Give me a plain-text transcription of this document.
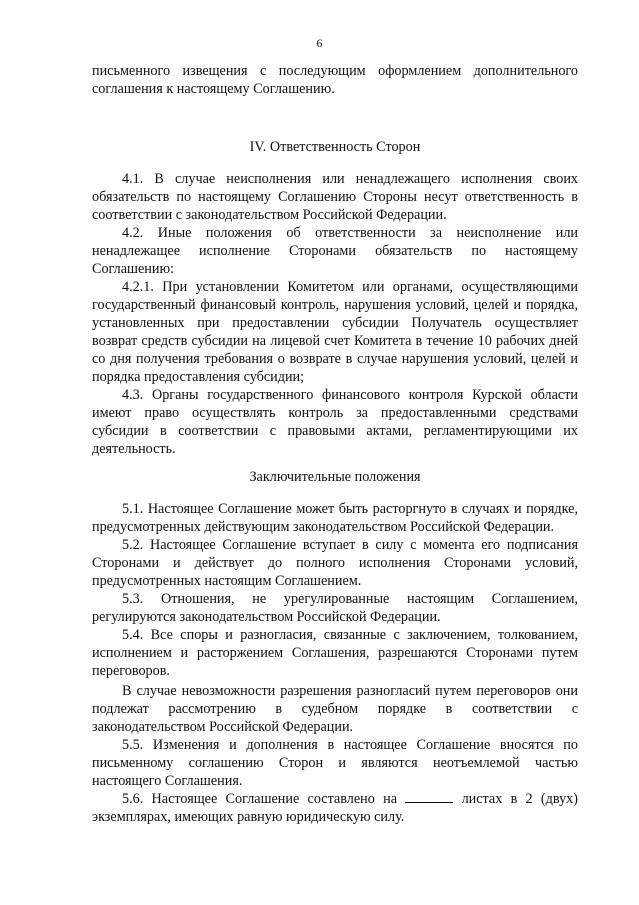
6

письменного извещения с последующим оформлением дополнительного соглашения к настоящему Соглашению.

IV. Ответственность Сторон

4.1. В случае неисполнения или ненадлежащего исполнения своих обязательств по настоящему Соглашению Стороны несут ответственность в соответствии с законодательством Российской Федерации.

4.2. Иные положения об ответственности за неисполнение или ненадлежащее исполнение Сторонами обязательств по настоящему Соглашению:

4.2.1. При установлении Комитетом или органами, осуществляющими государственный финансовый контроль, нарушения условий, целей и порядка, установленных при предоставлении субсидии Получатель осуществляет возврат средств субсидии на лицевой счет Комитета в течение 10 рабочих дней со дня получения требования о возврате в случае нарушения условий, целей и порядка предоставления субсидии;

4.3. Органы государственного финансового контроля Курской области имеют право осуществлять контроль за предоставленными средствами субсидии в соответствии с правовыми актами, регламентирующими их деятельность.

Заключительные положения

5.1. Настоящее Соглашение может быть расторгнуто в случаях и порядке, предусмотренных действующим законодательством Российской Федерации.

5.2. Настоящее Соглашение вступает в силу с момента его подписания Сторонами и действует до полного исполнения Сторонами условий, предусмотренных настоящим Соглашением.

5.3. Отношения, не урегулированные настоящим Соглашением, регулируются законодательством Российской Федерации.

5.4. Все споры и разногласия, связанные с заключением, толкованием, исполнением и расторжением Соглашения, разрешаются Сторонами путем переговоров.

В случае невозможности разрешения разногласий путем переговоров они подлежат рассмотрению в судебном порядке в соответствии с законодательством Российской Федерации.

5.5. Изменения и дополнения в настоящее Соглашение вносятся по письменному соглашению Сторон и являются неотъемлемой частью настоящего Соглашения.

5.6. Настоящее Соглашение составлено на	листах в 2 (двух) экземплярах, имеющих равную юридическую силу.
